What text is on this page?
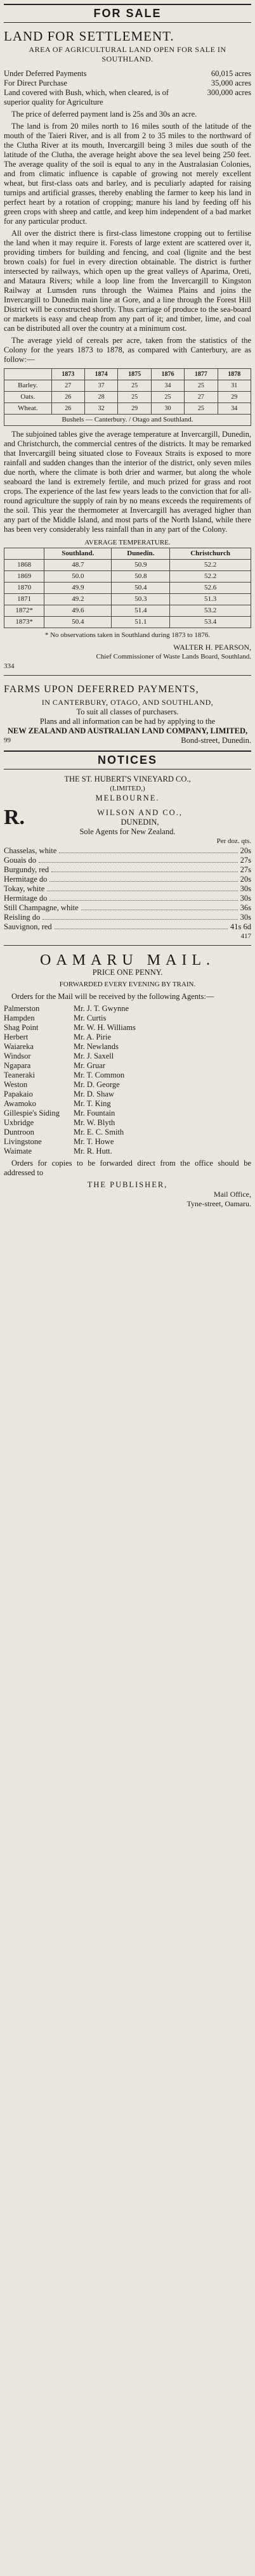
FOR SALE
LAND FOR SETTLEMENT.
AREA OF AGRICULTURAL LAND OPEN FOR SALE IN SOUTHLAND.
Under Deferred Payments	60,015 acres
For Direct Purchase	35,000 acres
Land covered with Bush, which, when cleared, is of superior quality for Agriculture
300,000 acres

The price of deferred payment land is 25s and 30s an acre.

The land is from 20 miles north to 16 miles south of the latitude of the mouth of the Taieri River, and is all from 2 to 35 miles to the northward of the Clutha River at its mouth, Invercargill being 3 miles due south of the latitude of the Clutha, the average height above the sea level being 250 feet. The average quality of the soil is equal to any in the Australasian Colonies, and from climatic influence is capable of growing not merely excellent wheat, but first-class oats and barley, and is peculiarly adapted for raising turnips and artificial grasses, thereby enabling the farmer to keep his land in perfect heart by a rotation of cropping; manure his land by feeding off his green crops with sheep and cattle, and keep him independent of a bad market for any particular product.

All over the district there is first-class limestone cropping out to fertilise the land when it may require it. Forests of large extent are scattered over it, providing timbers for building and fencing, and coal (lignite and the best brown coals) for fuel in every direction obtainable. The district is further intersected by railways, which open up the great valleys of Aparima, Oreti, and Mataura Rivers; while a loop line from the Invercargill to Kingston Railway at Lumsden runs through the Waimea Plains and joins the Invercargill to Dunedin main line at Gore, and a line through the Forest Hill District will be constructed shortly. Thus carriage of produce to the sea-board or markets is easy and cheap from any part of it; and timber, lime, and coal can be distributed all over the country at a minimum cost.

The average yield of cereals per acre, taken from the statistics of the Colony for the years 1873 to 1878, as compared with Canterbury, are as follow:—

	1873	1874	1875	1876	1877	1878
Barley.	27	37	25	34	25	31
Oats.	26	28	25	25	27	29
Wheat.	26	32	29	30	25	34
Bushels — Canterbury. / Otago and Southland.						

The subjoined tables give the average temperature at Invercargill, Dunedin, and Christchurch, the commercial centres of the districts. It may be remarked that Invercargill being situated close to Foveaux Straits is exposed to more rainfall and sudden changes than the interior of the district, only seven miles due north, where the climate is both drier and warmer, but along the whole seaboard the land is extremely fertile, and much prized for grass and root crops. The experience of the last few years leads to the conviction that for all-round agriculture the supply of rain by no means exceeds the requirements of the soil. This year the thermometer at Invercargill has averaged higher than any part of the Middle Island, and most parts of the North Island, while there has been very considerably less rainfall than in any part of the Colony.

AVERAGE TEMPERATURE.
	Southland.	Dunedin.	Christchurch
1868	48.7	50.9	52.2
1869	50.0	50.8	52.2
1870	49.9	50.4	52.6
1871	49.2	50.3	51.3
1872*	49.6	51.4	53.2
1873*	50.4	51.1	53.4
* No observations taken in Southland during 1873 to 1876.
WALTER H. PEARSON,
Chief Commissioner of Waste Lands Board, Southland.
334
FARMS UPON DEFERRED PAYMENTS,
IN CANTERBURY, OTAGO, AND SOUTHLAND,
To suit all classes of purchasers.
Plans and all information can be had by applying to the
NEW ZEALAND AND AUSTRALIAN LAND COMPANY, LIMITED,
99	Bond-street, Dunedin.
NOTICES
THE ST. HUBERT'S VINEYARD CO.,
(LIMITED,)
MELBOURNE.
R.	WILSON AND CO.,
DUNEDIN,
Sole Agents for New Zealand.
Per doz. qts.
Chasselas, white	20s
Gouais do	27s
Burgundy, red	27s
Hermitage do	20s
Tokay, white	30s
Hermitage do	30s
Still Champagne, white	36s
Reisling do	30s
Sauvignon, red	41s 6d
417
OAMARU MAIL.
PRICE ONE PENNY.
FORWARDED EVERY EVENING BY TRAIN.

Orders for the Mail will be received by the following Agents:—

Palmerston	Mr. J. T. Gwynne
Hampden	Mr. Curtis
Shag Point	Mr. W. H. Williams
Herbert	Mr. A. Pirie
Waiareka	Mr. Newlands
Windsor	Mr. J. Saxell
Ngapara	Mr. Gruar
Teaneraki	Mr. T. Common
Weston	Mr. D. George
Papakaio	Mr. D. Shaw
Awamoko	Mr. T. King
Gillespie's Siding	Mr. Fountain
Uxbridge	Mr. W. Blyth
Duntroon	Mr. E. C. Smith
Livingstone	Mr. T. Howe
Waimate	Mr. R. Hutt.

Orders for copies to be forwarded direct from the office should be addressed to

THE PUBLISHER,
Mail Office,
Tyne-street, Oamaru.
